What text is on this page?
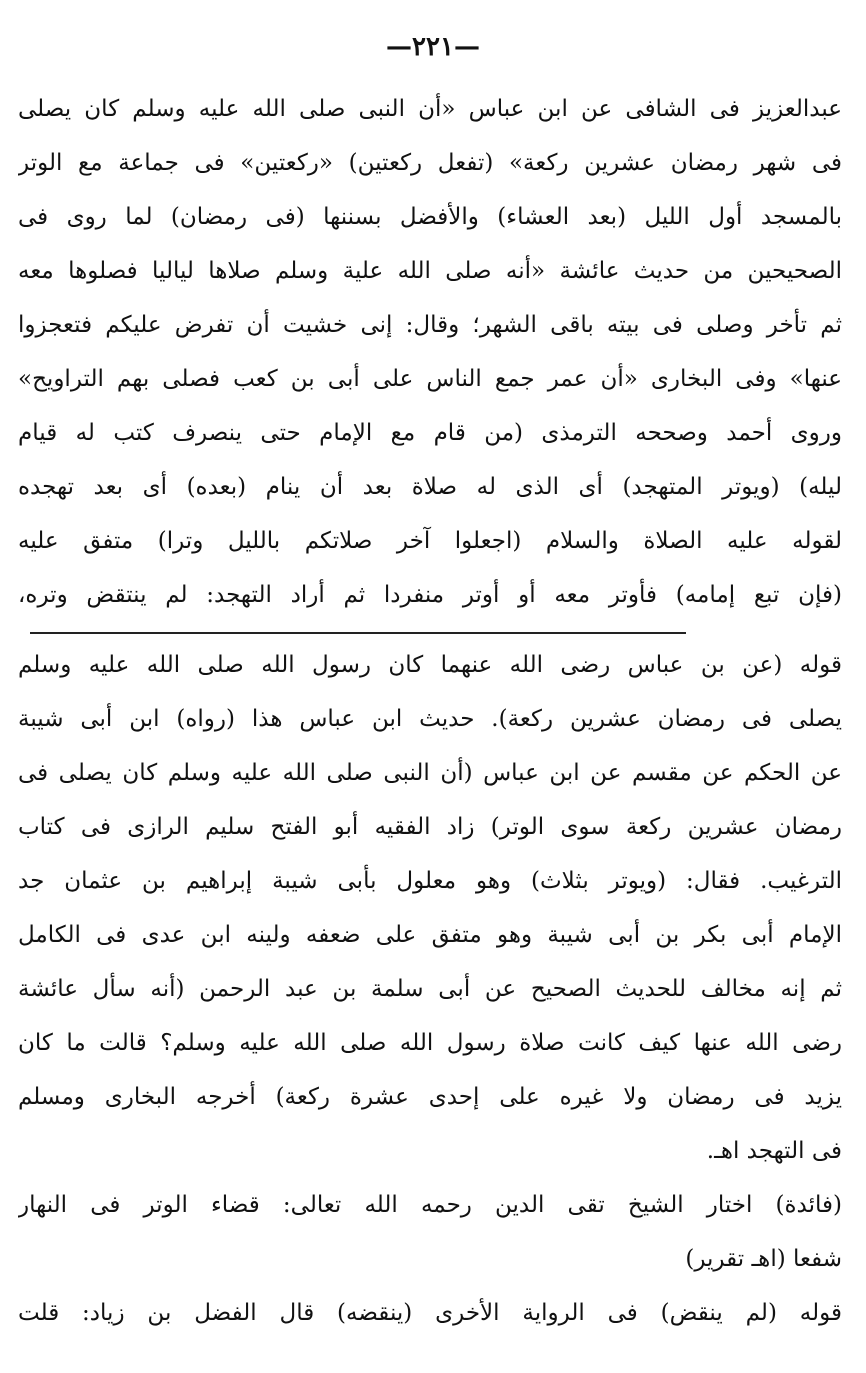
—٢٢١—
عبدالعزيز فى الشافى عن ابن عباس «أن النبى صلى الله عليه وسلم كان يصلى
فى شهر رمضان عشرين ركعة» (تفعل ركعتين) «ركعتين» فى جماعة مع الوتر
بالمسجد أول الليل (بعد العشاء) والأفضل بسننها (فى رمضان) لما روى فى
الصحيحين من حديث عائشة «أنه صلى الله علية وسلم صلاها لياليا فصلوها معه
ثم تأخر وصلى فى بيته باقى الشهر؛ وقال: إنى خشيت أن تفرض عليكم فتعجزوا
عنها» وفى البخارى «أن عمر جمع الناس على أبى بن كعب فصلى بهم التراويح»
وروى أحمد وصححه الترمذى (من قام مع الإمام حتى ينصرف كتب له قيام
ليله) (ويوتر المتهجد) أى الذى له صلاة بعد أن ينام (بعده) أى بعد تهجده
لقوله عليه الصلاة والسلام (اجعلوا آخر صلاتكم بالليل وترا) متفق عليه
(فإن تبع إمامه) فأوتر معه أو أوتر منفردا ثم أراد التهجد: لم ينتقض وتره،
قوله (عن بن عباس رضى الله عنهما كان رسول الله صلى الله عليه وسلم
يصلى فى رمضان عشرين ركعة). حديث ابن عباس هذا (رواه) ابن أبى شيبة
عن الحكم عن مقسم عن ابن عباس (أن النبى صلى الله عليه وسلم كان يصلى فى
رمضان عشرين ركعة سوى الوتر) زاد الفقيه أبو الفتح سليم الرازى فى كتاب
الترغيب. فقال: (ويوتر بثلاث) وهو معلول بأبى شيبة إبراهيم بن عثمان جد
الإمام أبى بكر بن أبى شيبة وهو متفق على ضعفه ولينه ابن عدى فى الكامل
ثم إنه مخالف للحديث الصحيح عن أبى سلمة بن عبد الرحمن (أنه سأل عائشة
رضى الله عنها كيف كانت صلاة رسول الله صلى الله عليه وسلم؟ قالت ما كان
يزيد فى رمضان ولا غيره على إحدى عشرة ركعة) أخرجه البخارى ومسلم
فى التهجد اهـ.
(فائدة) اختار الشيخ تقى الدين رحمه الله تعالى: قضاء الوتر فى النهار
شفعا (اهـ تقرير)
قوله (لم ينقض) فى الرواية الأخرى (ينقضه) قال الفضل بن زياد: قلت
